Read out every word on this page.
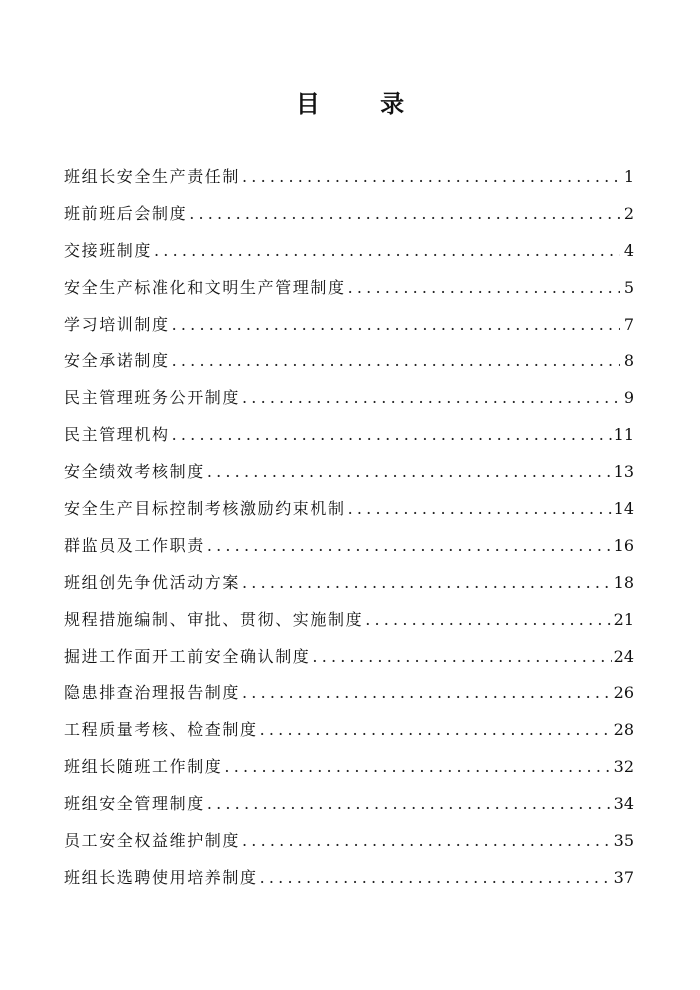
目 录
班组长安全生产责任制 .....	1
班前班后会制度 .....	2
交接班制度 .....	4
安全生产标准化和文明生产管理制度 .....	5
学习培训制度 .....	7
安全承诺制度 .....	8
民主管理班务公开制度 .....	9
民主管理机构 .....	11
安全绩效考核制度 .....	13
安全生产目标控制考核激励约束机制 .....	14
群监员及工作职责 .....	16
班组创先争优活动方案 .....	18
规程措施编制、审批、贯彻、实施制度 .....	21
掘进工作面开工前安全确认制度 .....	24
隐患排查治理报告制度 .....	26
工程质量考核、检查制度 .....	28
班组长随班工作制度 .....	32
班组安全管理制度 .....	34
员工安全权益维护制度 .....	35
班组长选聘使用培养制度 .....	37
